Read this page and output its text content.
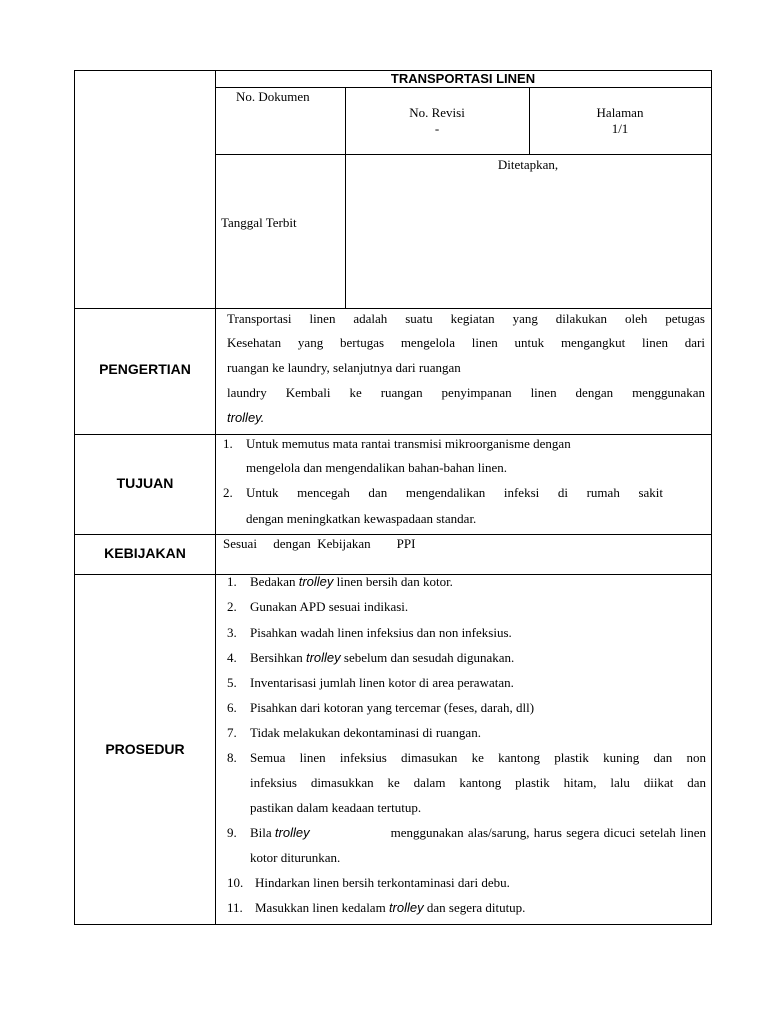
TRANSPORTASI LINEN
No. Dokumen
No. Revisi
-
Halaman
1/1
Ditetapkan,
Tanggal Terbit
PENGERTIAN
Transportasi linen adalah suatu kegiatan yang dilakukan oleh petugas
Kesehatan yang bertugas mengelola linen untuk mengangkut linen dari
ruangan ke laundry, selanjutnya dari ruangan
laundry Kembali ke ruangan penyimpanan linen dengan menggunakan
trolley.
TUJUAN
1. Untuk memutus mata rantai transmisi mikroorganisme dengan
mengelola dan mengendalikan bahan-bahan linen.
2. Untuk mencegah dan mengendalikan infeksi di rumah sakit
dengan meningkatkan kewaspadaan standar.
KEBIJAKAN
Sesuai     dengan  Kebijakan        PPI
PROSEDUR
1. Bedakan trolley linen bersih dan kotor.
2. Gunakan APD sesuai indikasi.
3. Pisahkan wadah linen infeksius dan non infeksius.
4. Bersihkan trolley sebelum dan sesudah digunakan.
5. Inventarisasi jumlah linen kotor di area perawatan.
6. Pisahkan dari kotoran yang tercemar (feses, darah, dll)
7. Tidak melakukan dekontaminasi di ruangan.
8. Semua linen infeksius dimasukan ke kantong plastik kuning dan non
infeksius dimasukkan ke dalam kantong plastik hitam, lalu diikat dan
pastikan dalam keadaan tertutup.
9. Bila trolley	menggunakan alas/sarung, harus segera dicuci setelah linen
kotor diturunkan.
10. Hindarkan linen bersih terkontaminasi dari debu.
11. Masukkan linen kedalam trolley dan segera ditutup.
